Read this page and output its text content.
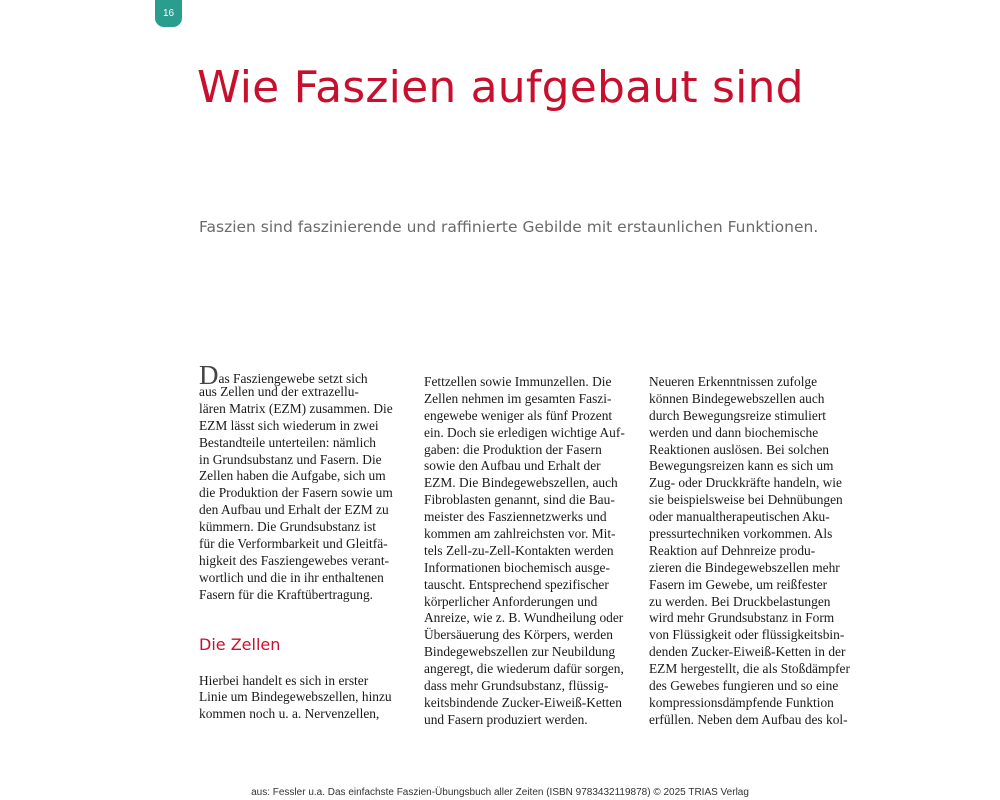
16
Wie Faszien aufgebaut sind

Faszien sind faszinierende und raffinierte Gebilde mit erstaunlichen Funktionen.

Das Fasziengewebe setzt sich
aus Zellen und der extrazellu-
lären Matrix (EZM) zusammen. Die
EZM lässt sich wiederum in zwei
Bestandteile unterteilen: nämlich
in Grundsubstanz und Fasern. Die
Zellen haben die Aufgabe, sich um
die Produktion der Fasern sowie um
den Aufbau und Erhalt der EZM zu
kümmern. Die Grundsubstanz ist
für die Verformbarkeit und Gleitfä-
higkeit des Fasziengewebes verant-
wortlich und die in ihr enthaltenen
Fasern für die Kraftübertragung.
Die Zellen
Hierbei handelt es sich in erster
Linie um Bindegewebszellen, hinzu
kommen noch u. a. Nervenzellen,
Fettzellen sowie Immunzellen. Die
Zellen nehmen im gesamten Faszi-
engewebe weniger als fünf Prozent
ein. Doch sie erledigen wichtige Auf-
gaben: die Produktion der Fasern
sowie den Aufbau und Erhalt der
EZM. Die Bindegewebszellen, auch
Fibroblasten genannt, sind die Bau-
meister des Fasziennetzwerks und
kommen am zahlreichsten vor. Mit-
tels Zell-zu-Zell-Kontakten werden
Informationen biochemisch ausge-
tauscht. Entsprechend spezifischer
körperlicher Anforderungen und
Anreize, wie z. B. Wundheilung oder
Übersäuerung des Körpers, werden
Bindegewebszellen zur Neubildung
angeregt, die wiederum dafür sorgen,
dass mehr Grundsubstanz, flüssig-
keitsbindende Zucker-Eiweiß-Ketten
und Fasern produziert werden.
Neueren Erkenntnissen zufolge
können Bindegewebszellen auch
durch Bewegungsreize stimuliert
werden und dann biochemische
Reaktionen auslösen. Bei solchen
Bewegungsreizen kann es sich um
Zug- oder Druckkräfte handeln, wie
sie beispielsweise bei Dehnübungen
oder manualtherapeutischen Aku-
pressurtechniken vorkommen. Als
Reaktion auf Dehnreize produ-
zieren die Bindegewebszellen mehr
Fasern im Gewebe, um reißfester
zu werden. Bei Druckbelastungen
wird mehr Grundsubstanz in Form
von Flüssigkeit oder flüssigkeitsbin-
denden Zucker-Eiweiß-Ketten in der
EZM hergestellt, die als Stoßdämpfer
des Gewebes fungieren und so eine
kompressionsdämpfende Funktion
erfüllen. Neben dem Aufbau des kol-
aus: Fessler u.a. Das einfachste Faszien-Übungsbuch aller Zeiten (ISBN 9783432119878) © 2025 TRIAS Verlag
